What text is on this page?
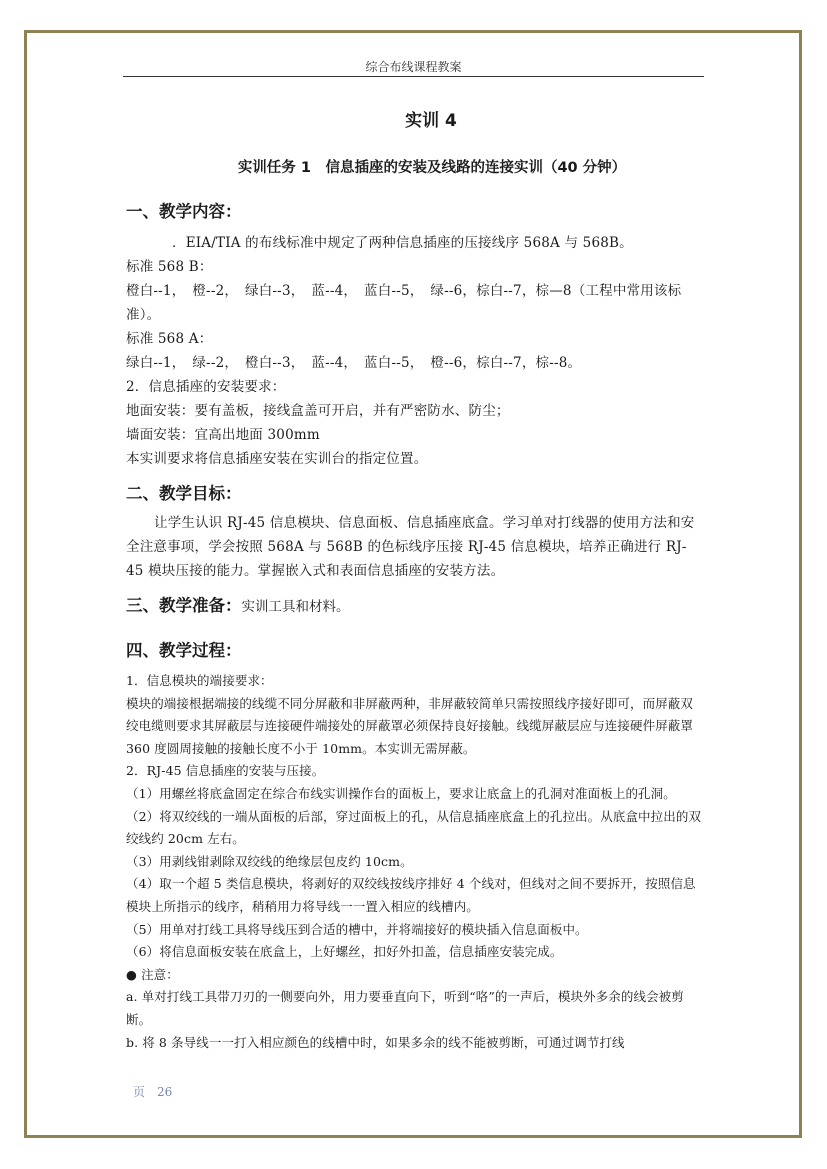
综合布线课程教案
实训 4
实训任务 1　信息插座的安装及线路的连接实训（40 分钟）
一、教学内容：
．EIA/TIA 的布线标准中规定了两种信息插座的压接线序 568A 与 568B。
标准 568 B：
橙白--1，　橙--2，　绿白--3，　蓝--4，　蓝白--5，　绿--6，棕白--7，棕—8（工程中常用该标准）。
标准 568 A：
绿白--1，　绿--2，　橙白--3，　蓝--4，　蓝白--5，　橙--6，棕白--7，棕--8。
2．信息插座的安装要求：
地面安装：要有盖板，接线盒盖可开启，并有严密防水、防尘；
墙面安装：宜高出地面 300mm
本实训要求将信息插座安装在实训台的指定位置。
二、教学目标：
让学生认识 RJ-45 信息模块、信息面板、信息插座底盒。学习单对打线器的使用方法和安全注意事项，学会按照 568A 与 568B 的色标线序压接 RJ-45 信息模块，培养正确进行 RJ-45 模块压接的能力。掌握嵌入式和表面信息插座的安装方法。
三、教学准备：实训工具和材料。
四、教学过程：
1．信息模块的端接要求：
模块的端接根据端接的线缆不同分屏蔽和非屏蔽两种，非屏蔽较简单只需按照线序接好即可，而屏蔽双绞电缆则要求其屏蔽层与连接硬件端接处的屏蔽罩必须保持良好接触。线缆屏蔽层应与连接硬件屏蔽罩 360 度圆周接触的接触长度不小于 10mm。本实训无需屏蔽。
2．RJ-45 信息插座的安装与压接。
（1）用螺丝将底盒固定在综合布线实训操作台的面板上，要求让底盒上的孔洞对准面板上的孔洞。
（2）将双绞线的一端从面板的后部，穿过面板上的孔，从信息插座底盒上的孔拉出。从底盒中拉出的双绞线约 20cm 左右。
（3）用剥线钳剥除双绞线的绝缘层包皮约 10cm。
（4）取一个超 5 类信息模块，将剥好的双绞线按线序排好 4 个线对，但线对之间不要拆开，按照信息模块上所指示的线序，稍稍用力将导线一一置入相应的线槽内。
（5）用单对打线工具将导线压到合适的槽中，并将端接好的模块插入信息面板中。
（6）将信息面板安装在底盒上，上好螺丝，扣好外扣盖，信息插座安装完成。
● 注意：
a. 单对打线工具带刀刃的一侧要向外，用力要垂直向下，听到“咯”的一声后，模块外多余的线会被剪断。
b. 将 8 条导线一一打入相应颜色的线槽中时，如果多余的线不能被剪断，可通过调节打线
页　26
